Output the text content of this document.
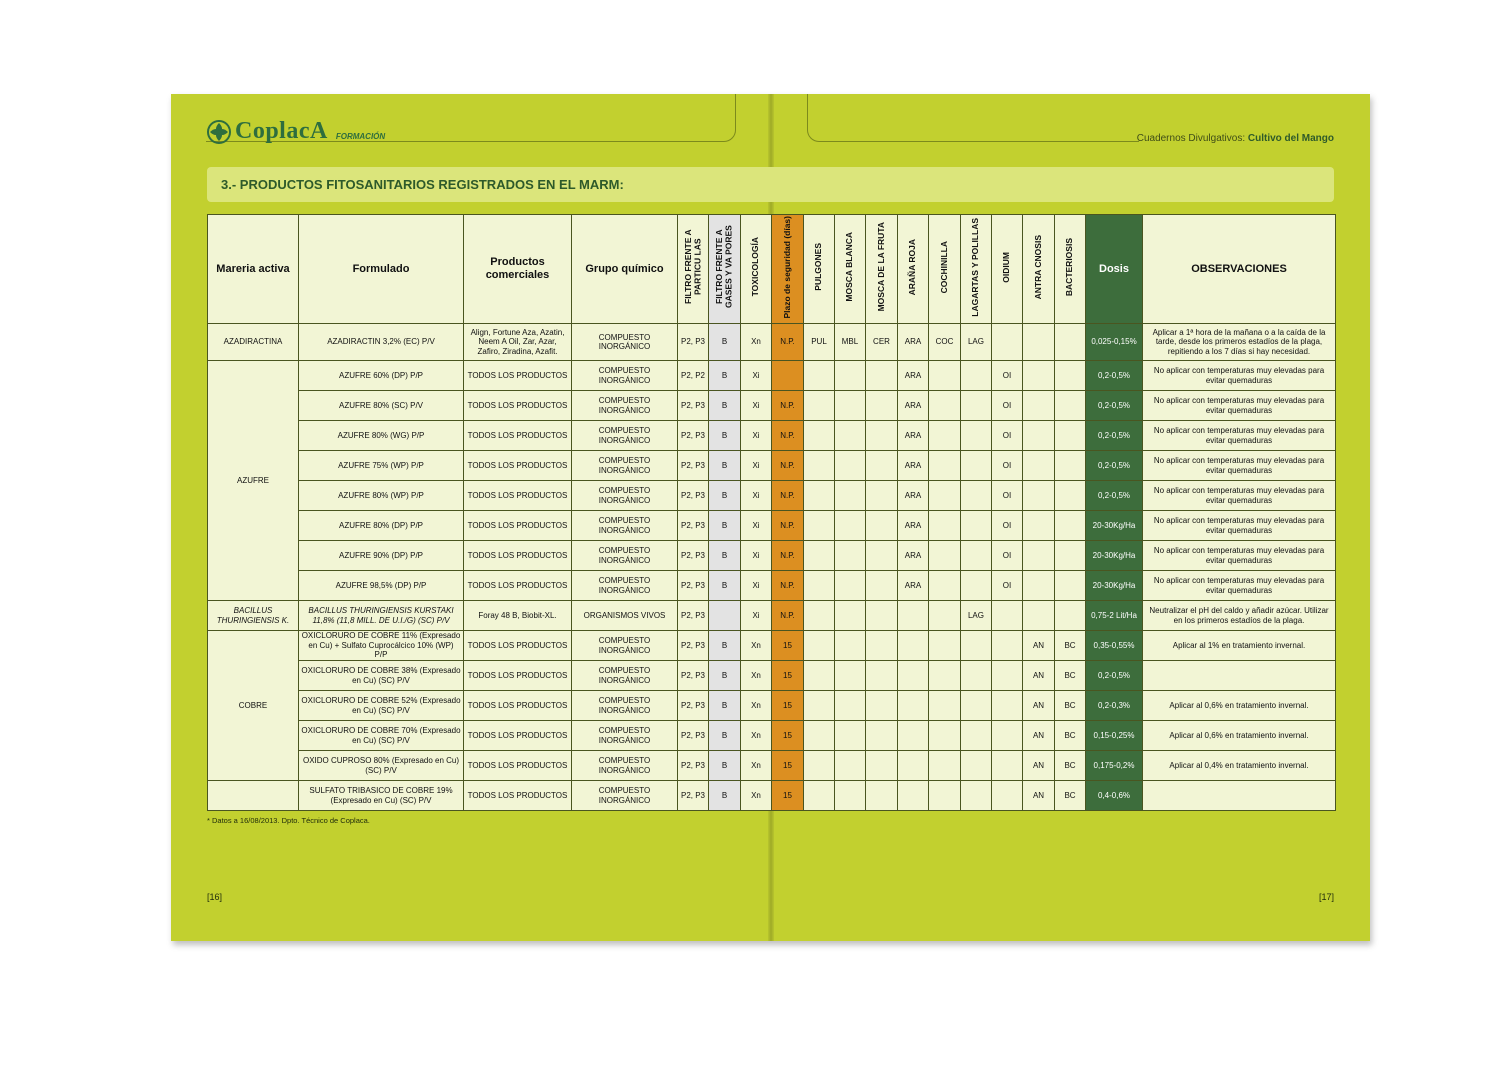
CoplacA FORMACIÓN	Cuadernos Divulgativos: Cultivo del Mango
3.- PRODUCTOS FITOSANITARIOS REGISTRADOS EN EL MARM:
Mareria activa	Formulado	Productos comerciales	Grupo químico	FILTRO FRENTE A PARTICU LAS	FILTRO FRENTE A GASES Y VA PORES	TOXICOLOGÍA	Plazo de seguridad (días)	PULGONES	MOSCA BLANCA	MOSCA DE LA FRUTA	ARAÑA ROJA	COCHINILLA	LAGARTAS Y POLILLAS	OIDIUM	ANTRA CNOSIS	BACTERIOSIS	Dosis	OBSERVACIONES
AZADIRACTINA	AZADIRACTIN 3,2% (EC) P/V	Align, Fortune Aza, Azatin, Neem A Oil, Zar, Azar, Zafiro, Ziradina, Azafit.	COMPUESTO INORGÁNICO	P2, P3	B	Xn	N.P.	PUL	MBL	CER	ARA	COC	LAG				0,025-0,15%	Aplicar a 1ª hora de la mañana o a la caída de la tarde, desde los primeros estadíos de la plaga, repitiendo a los 7 días si hay necesidad.
AZUFRE	AZUFRE 60% (DP) P/P	TODOS LOS PRODUCTOS	COMPUESTO INORGÁNICO	P2, P2	B	Xi					ARA			OI			0,2-0,5%	No aplicar con temperaturas muy elevadas para evitar quemaduras
	AZUFRE 80% (SC) P/V	TODOS LOS PRODUCTOS	COMPUESTO INORGÁNICO	P2, P3	B	Xi	N.P.				ARA			OI			0,2-0,5%	No aplicar con temperaturas muy elevadas para evitar quemaduras
	AZUFRE 80% (WG) P/P	TODOS LOS PRODUCTOS	COMPUESTO INORGÁNICO	P2, P3	B	Xi	N.P.				ARA			OI			0,2-0,5%	No aplicar con temperaturas muy elevadas para evitar quemaduras
	AZUFRE 75% (WP) P/P	TODOS LOS PRODUCTOS	COMPUESTO INORGÁNICO	P2, P3	B	Xi	N.P.				ARA			OI			0,2-0,5%	No aplicar con temperaturas muy elevadas para evitar quemaduras
	AZUFRE 80% (WP) P/P	TODOS LOS PRODUCTOS	COMPUESTO INORGÁNICO	P2, P3	B	Xi	N.P.				ARA			OI			0,2-0,5%	No aplicar con temperaturas muy elevadas para evitar quemaduras
	AZUFRE 80% (DP) P/P	TODOS LOS PRODUCTOS	COMPUESTO INORGÁNICO	P2, P3	B	Xi	N.P.				ARA			OI			20-30Kg/Ha	No aplicar con temperaturas muy elevadas para evitar quemaduras
	AZUFRE 90% (DP) P/P	TODOS LOS PRODUCTOS	COMPUESTO INORGÁNICO	P2, P3	B	Xi	N.P.				ARA			OI			20-30Kg/Ha	No aplicar con temperaturas muy elevadas para evitar quemaduras
	AZUFRE 98,5% (DP) P/P	TODOS LOS PRODUCTOS	COMPUESTO INORGÁNICO	P2, P3	B	Xi	N.P.				ARA			OI			20-30Kg/Ha	No aplicar con temperaturas muy elevadas para evitar quemaduras
BACILLUS THURINGIENSIS K.	BACILLUS THURINGIENSIS KURSTAKI 11,8% (11,8 MILL. DE U.I./G) (SC) P/V	Foray 48 B, Biobit-XL.	ORGANISMOS VIVOS	P2, P3		Xi	N.P.						LAG				0,75-2 Lit/Ha	Neutralizar el pH del caldo y añadir azúcar. Utilizar en los primeros estadíos de la plaga.
COBRE	OXICLORURO DE COBRE 11% (Expresado en Cu) + Sulfato Cuprocálcico 10% (WP) P/P	TODOS LOS PRODUCTOS	COMPUESTO INORGÁNICO	P2, P3	B	Xn	15								AN	BC	0,35-0,55%	Aplicar al 1% en tratamiento invernal.
	OXICLORURO DE COBRE 38% (Expresado en Cu) (SC) P/V	TODOS LOS PRODUCTOS	COMPUESTO INORGÁNICO	P2, P3	B	Xn	15								AN	BC	0,2-0,5%	
	OXICLORURO DE COBRE 52% (Expresado en Cu) (SC) P/V	TODOS LOS PRODUCTOS	COMPUESTO INORGÁNICO	P2, P3	B	Xn	15								AN	BC	0,2-0,3%	Aplicar al 0,6% en tratamiento invernal.
	OXICLORURO DE COBRE 70% (Expresado en Cu) (SC) P/V	TODOS LOS PRODUCTOS	COMPUESTO INORGÁNICO	P2, P3	B	Xn	15								AN	BC	0,15-0,25%	Aplicar al 0,6% en tratamiento invernal.
	OXIDO CUPROSO 80% (Expresado en Cu) (SC) P/V	TODOS LOS PRODUCTOS	COMPUESTO INORGÁNICO	P2, P3	B	Xn	15								AN	BC	0,175-0,2%	Aplicar al 0,4% en tratamiento invernal.
	SULFATO TRIBASICO DE COBRE 19% (Expresado en Cu) (SC) P/V	TODOS LOS PRODUCTOS	COMPUESTO INORGÁNICO	P2, P3	B	Xn	15								AN	BC	0,4-0,6%	
* Datos a 16/08/2013. Dpto. Técnico de Coplaca.
[16]	[17]
